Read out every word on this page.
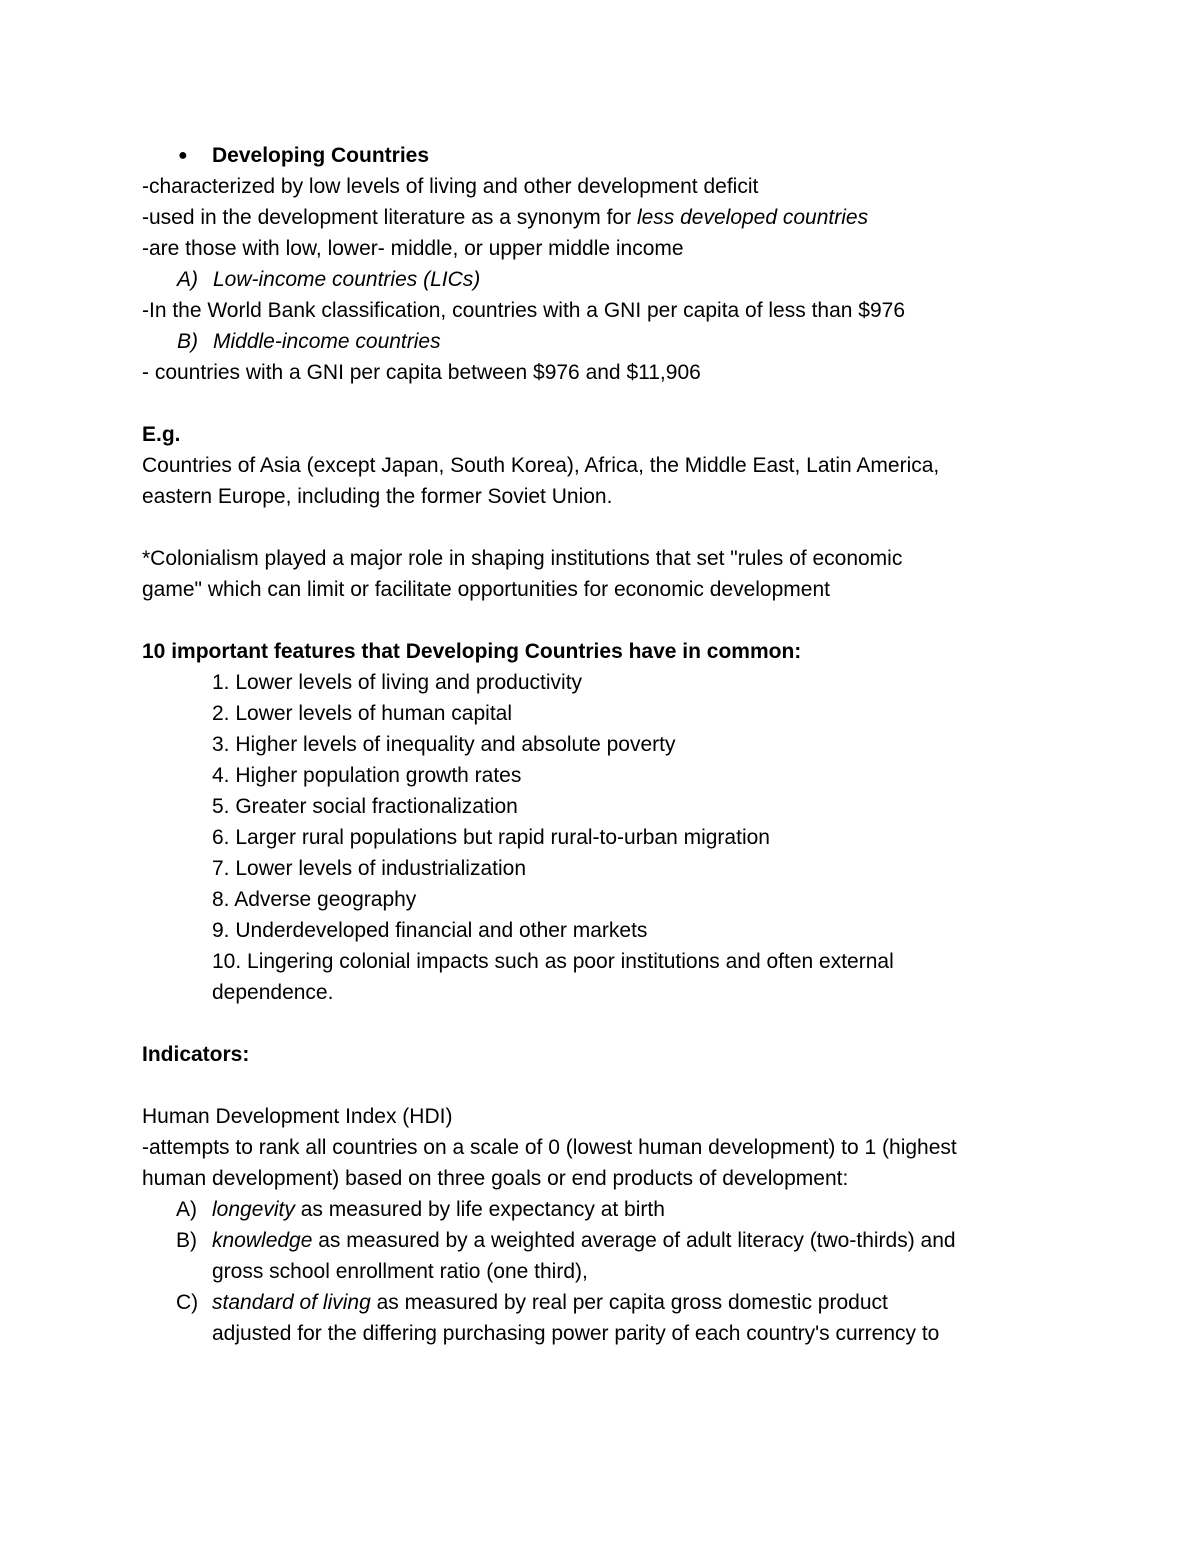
● Developing Countries
-characterized by low levels of living and other development deficit
-used in the development literature as a synonym for less developed countries
-are those with low, lower- middle, or upper middle income
A) Low-income countries (LICs)
-In the World Bank classification, countries with a GNI per capita of less than $976
B) Middle-income countries
- countries with a GNI per capita between $976 and $11,906
E.g.
Countries of Asia (except Japan, South Korea), Africa, the Middle East, Latin America,
eastern Europe, including the former Soviet Union.
*Colonialism played a major role in shaping institutions that set "rules of economic
game" which can limit or facilitate opportunities for economic development
10 important features that Developing Countries have in common:
1. Lower levels of living and productivity
2. Lower levels of human capital
3. Higher levels of inequality and absolute poverty
4. Higher population growth rates
5. Greater social fractionalization
6. Larger rural populations but rapid rural-to-urban migration
7. Lower levels of industrialization
8. Adverse geography
9. Underdeveloped financial and other markets
10. Lingering colonial impacts such as poor institutions and often external
dependence.
Indicators:
Human Development Index (HDI)
-attempts to rank all countries on a scale of 0 (lowest human development) to 1 (highest
human development) based on three goals or end products of development:
A) longevity as measured by life expectancy at birth
B) knowledge as measured by a weighted average of adult literacy (two-thirds) and
gross school enrollment ratio (one third),
C) standard of living as measured by real per capita gross domestic product
adjusted for the differing purchasing power parity of each country's currency to
